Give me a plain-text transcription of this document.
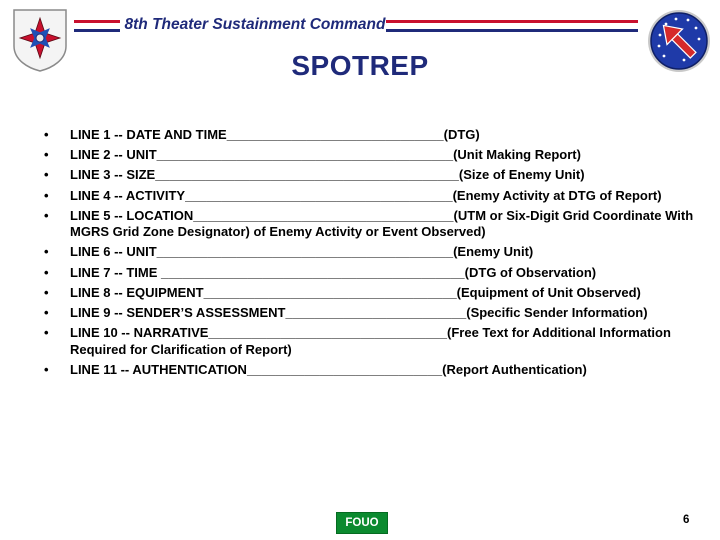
8th Theater Sustainment Command
SPOTREP
• LINE 1 -- DATE AND TIME______________________________(DTG)
• LINE 2 -- UNIT_________________________________________(Unit Making Report)
• LINE 3 -- SIZE__________________________________________(Size of Enemy Unit)
• LINE 4 -- ACTIVITY_____________________________________(Enemy Activity at DTG of Report)
• LINE 5 -- LOCATION____________________________________(UTM or Six-Digit Grid Coordinate With MGRS Grid Zone Designator) of Enemy Activity or Event Observed)
• LINE 6 -- UNIT_________________________________________(Enemy Unit)
• LINE 7 -- TIME __________________________________________(DTG of Observation)
• LINE 8 -- EQUIPMENT___________________________________(Equipment of Unit Observed)
• LINE 9 -- SENDER’S ASSESSMENT_________________________(Specific Sender Information)
• LINE 10 -- NARRATIVE_________________________________(Free Text for Additional Information Required for Clarification of Report)
• LINE 11 -- AUTHENTICATION___________________________(Report Authentication)
FOUO	6
